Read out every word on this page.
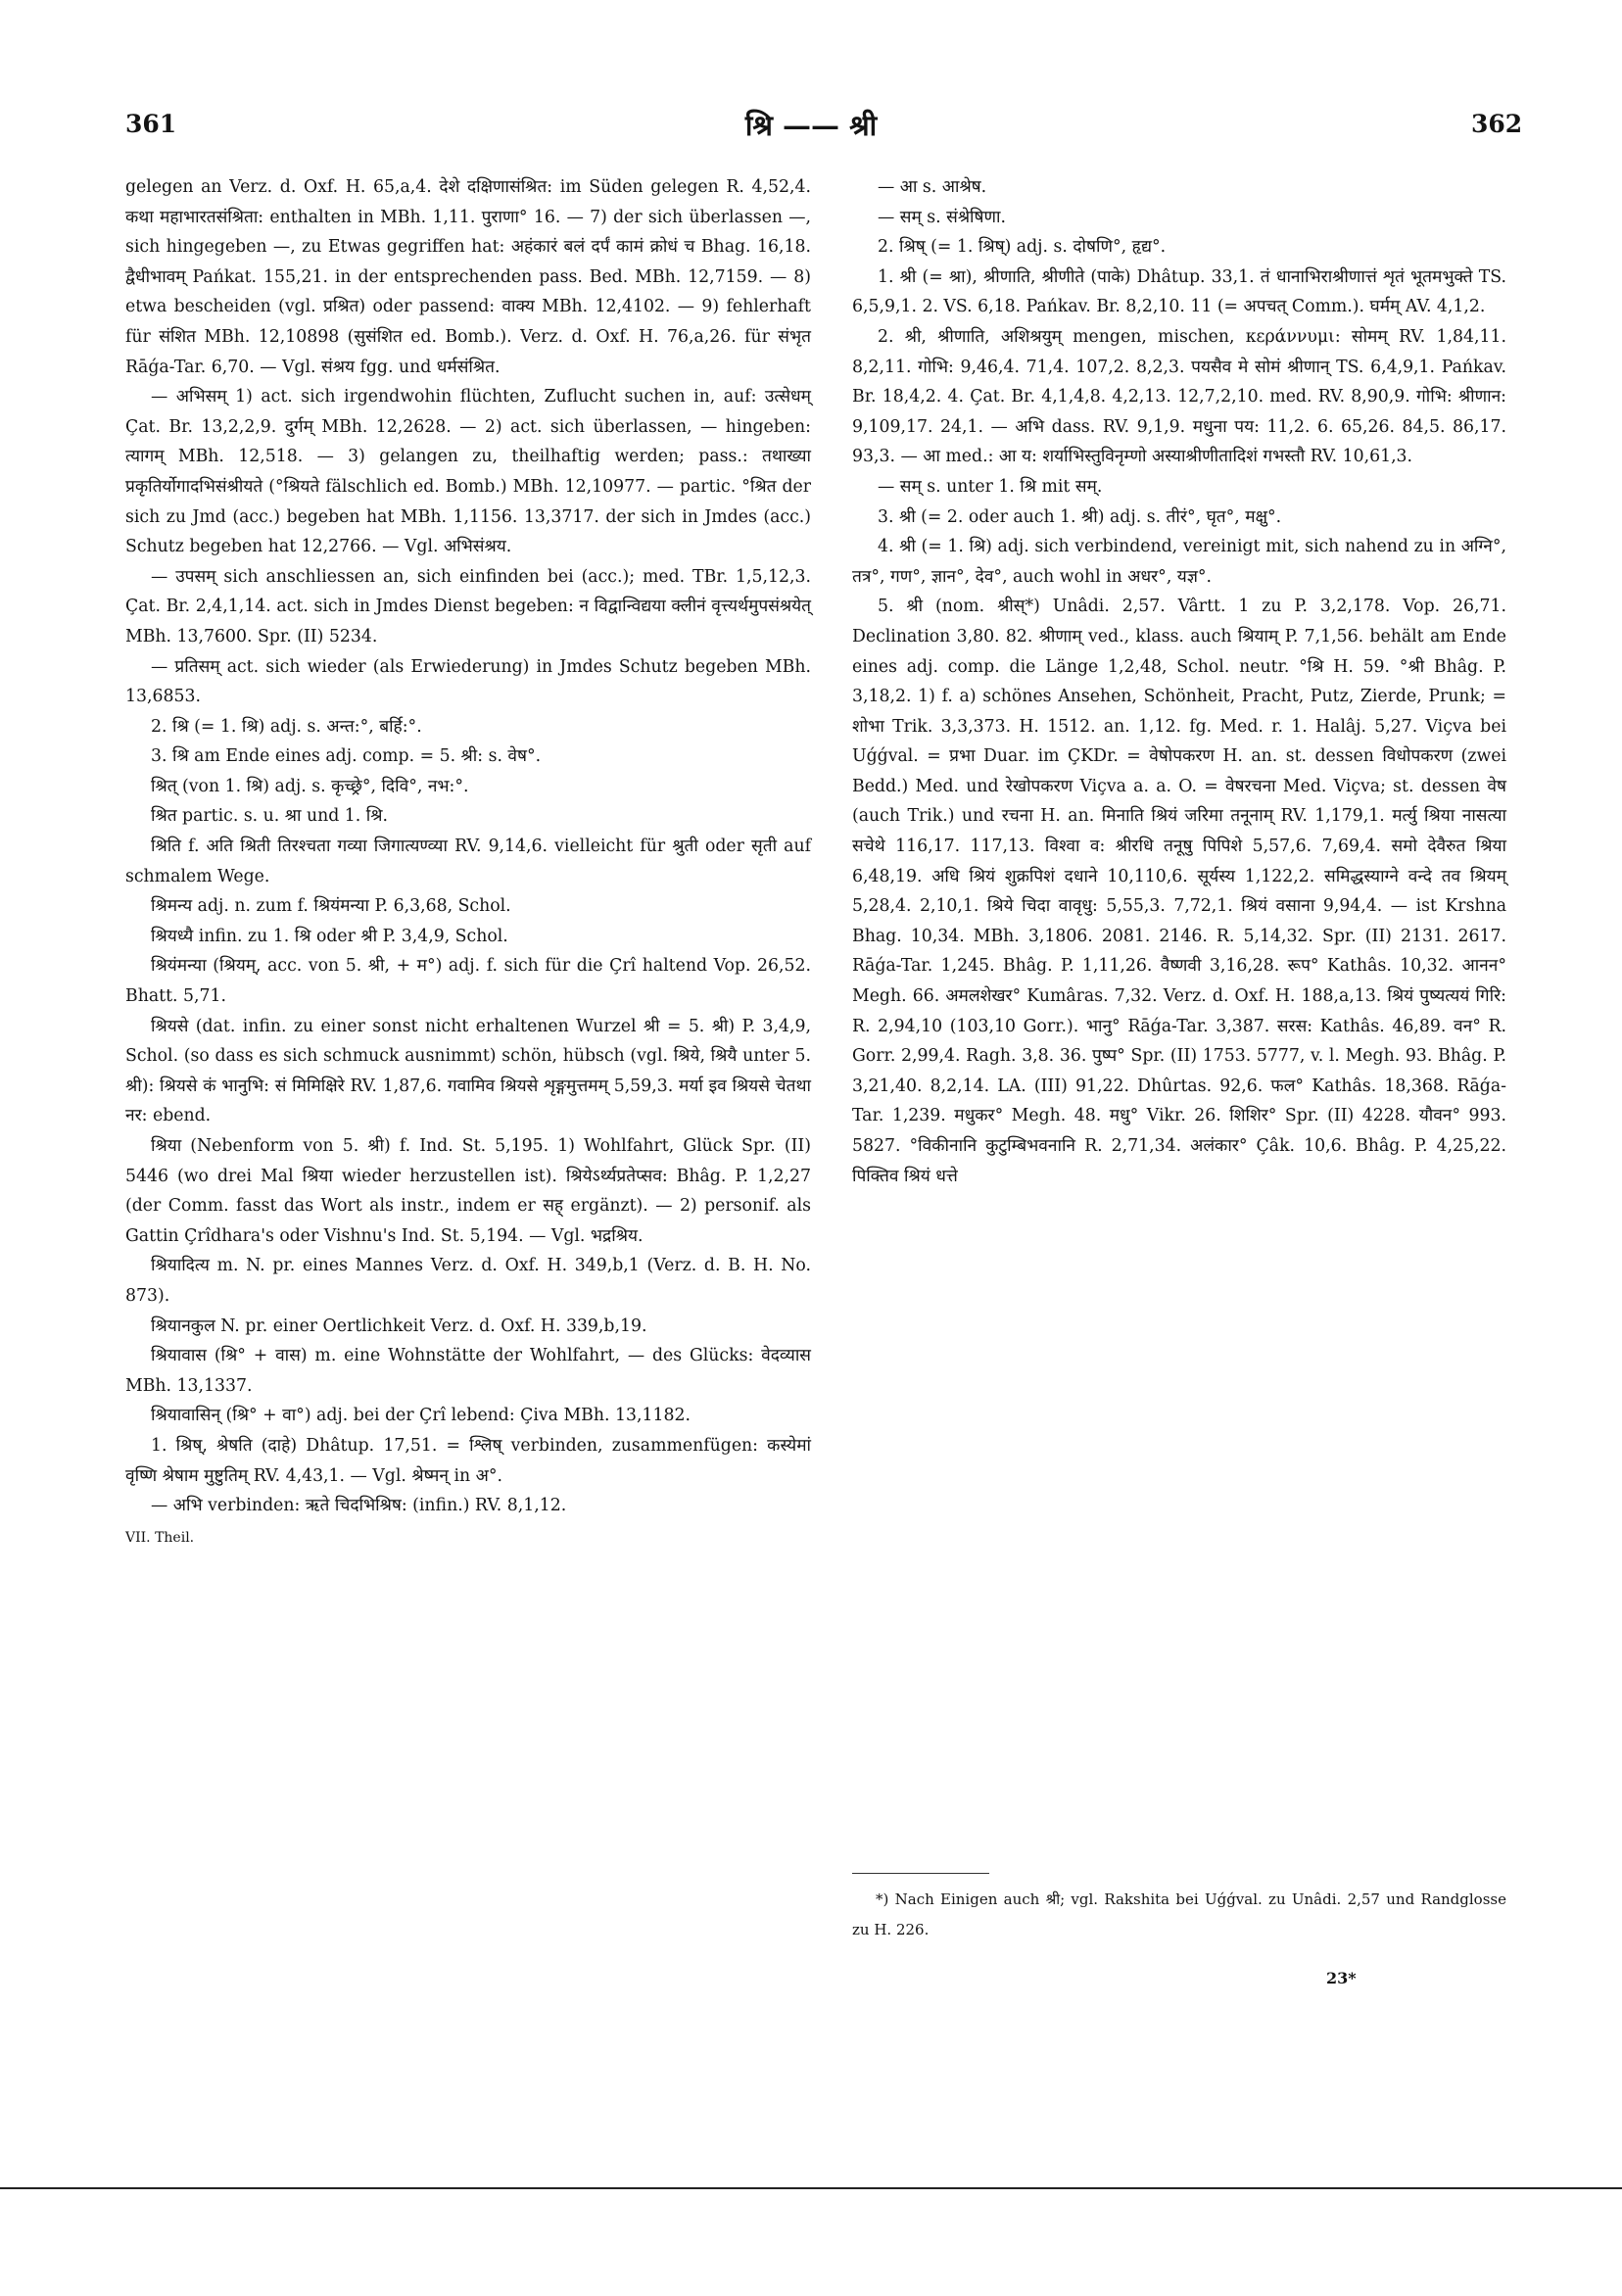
361	श्रि —— श्री	362

gelegen an Verz. d. Oxf. H. 65,a,4. देशे दक्षिणासंश्रित: im Süden gelegen R. 4,52,4. कथा महाभारतसंश्रिता: enthalten in MBh. 1,11. पुराणा° 16. — 7) der sich überlassen —, sich hingegeben —, zu Etwas gegriffen hat: अहंकारं बलं दर्पं कामं क्रोधं च Bhag. 16,18. द्वैधीभावम् Pańkat. 155,21. in der entsprechenden pass. Bed. MBh. 12,7159. — 8) etwa bescheiden (vgl. प्रश्रित) oder passend: वाक्य MBh. 12,4102. — 9) fehlerhaft für संशित MBh. 12,10898 (सुसंशित ed. Bomb.). Verz. d. Oxf. H. 76,a,26. für संभृत Rāǵa-Tar. 6,70. — Vgl. संश्रय fgg. und धर्मसंश्रित.

— अभिसम् 1) act. sich irgendwohin flüchten, Zuflucht suchen in, auf: उत्सेधम् Çat. Br. 13,2,2,9. दुर्गम् MBh. 12,2628. — 2) act. sich überlassen, — hingeben: त्यागम् MBh. 12,518. — 3) gelangen zu, theilhaftig werden; pass.: तथाख्या प्रकृतिर्योगादभिसंश्रीयते (°श्रियते fälschlich ed. Bomb.) MBh. 12,10977. — partic. °श्रित der sich zu Jmd (acc.) begeben hat MBh. 1,1156. 13,3717. der sich in Jmdes (acc.) Schutz begeben hat 12,2766. — Vgl. अभिसंश्रय.

— उपसम् sich anschliessen an, sich einfinden bei (acc.); med. TBr. 1,5,12,3. Çat. Br. 2,4,1,14. act. sich in Jmdes Dienst begeben: न विद्वान्विद्यया क्लीनं वृत्त्यर्थमुपसंश्रयेत् MBh. 13,7600. Spr. (II) 5234.

— प्रतिसम् act. sich wieder (als Erwiederung) in Jmdes Schutz begeben MBh. 13,6853.

2. श्रि (= 1. श्रि) adj. s. अन्त:°, बर्हि:°.

3. श्रि am Ende eines adj. comp. = 5. श्री: s. वेष°.

श्रित् (von 1. श्रि) adj. s. कृच्छ्रे°, दिवि°, नभ:°.

श्रित partic. s. u. श्रा und 1. श्रि.

श्रिति f. अति श्रिती तिरश्चता गव्या जिगात्यण्व्या RV. 9,14,6. vielleicht für श्रुती oder सृती auf schmalem Wege.

श्रिमन्य adj. n. zum f. श्रियंमन्या P. 6,3,68, Schol.

श्रियध्यै infin. zu 1. श्रि oder श्री P. 3,4,9, Schol.

श्रियंमन्या (श्रियम्, acc. von 5. श्री, + म°) adj. f. sich für die Çrî haltend Vop. 26,52. Bhatt. 5,71.

श्रियसे (dat. infin. zu einer sonst nicht erhaltenen Wurzel श्री = 5. श्री) P. 3,4,9, Schol. (so dass es sich schmuck ausnimmt) schön, hübsch (vgl. श्रिये, श्रियै unter 5. श्री): श्रियसे कं भानुभि: सं मिमिक्षिरे RV. 1,87,6. गवामिव श्रियसे शृङ्गमुत्तमम् 5,59,3. मर्या इव श्रियसे चेतथा नर: ebend.

श्रिया (Nebenform von 5. श्री) f. Ind. St. 5,195. 1) Wohlfahrt, Glück Spr. (II) 5446 (wo drei Mal श्रिया wieder herzustellen ist). श्रियेऽर्थ्यप्रतेप्सव: Bhâg. P. 1,2,27 (der Comm. fasst das Wort als instr., indem er सह् ergänzt). — 2) personif. als Gattin Çrîdhara's oder Vishnu's Ind. St. 5,194. — Vgl. भद्रश्रिय.

श्रियादित्य m. N. pr. eines Mannes Verz. d. Oxf. H. 349,b,1 (Verz. d. B. H. No. 873).

श्रियानकुल N. pr. einer Oertlichkeit Verz. d. Oxf. H. 339,b,19.

श्रियावास (श्रि° + वास) m. eine Wohnstätte der Wohlfahrt, — des Glücks: वेदव्यास MBh. 13,1337.

श्रियावासिन् (श्रि° + वा°) adj. bei der Çrî lebend: Çiva MBh. 13,1182.

1. श्रिष्, श्रेषति (दाहे) Dhâtup. 17,51. = श्लिष् verbinden, zusammenfügen: कस्येमां वृष्णि श्रेषाम मुष्टुतिम् RV. 4,43,1. — Vgl. श्रेष्मन् in अ°.

— अभि verbinden: ऋते चिदभिश्रिष: (infin.) RV. 8,1,12.

VII. Theil.

— आ s. आश्रेष.

— सम् s. संश्रेषिणा.

2. श्रिष् (= 1. श्रिष्) adj. s. दोषणि°, हृद्य°.

1. श्री (= श्रा), श्रीणाति, श्रीणीते (पाके) Dhâtup. 33,1. तं धानाभिराश्रीणात्तं शृतं भूतमभुक्ते TS. 6,5,9,1. 2. VS. 6,18. Pańkav. Br. 8,2,10. 11 (= अपचत् Comm.). घर्मम् AV. 4,1,2.

2. श्री, श्रीणाति, अशिश्रयुम् mengen, mischen, κεράννυμι: सोमम् RV. 1,84,11. 8,2,11. गोभि: 9,46,4. 71,4. 107,2. 8,2,3. पयसैव मे सोमं श्रीणान् TS. 6,4,9,1. Pańkav. Br. 18,4,2. 4. Çat. Br. 4,1,4,8. 4,2,13. 12,7,2,10. med. RV. 8,90,9. गोभि: श्रीणान: 9,109,17. 24,1. — अभि dass. RV. 9,1,9. मधुना पय: 11,2. 6. 65,26. 84,5. 86,17. 93,3. — आ med.: आ य: शर्याभिस्तुविनृम्णो अस्याश्रीणीतादिशं गभस्तौ RV. 10,61,3.

— सम् s. unter 1. श्रि mit सम्.

3. श्री (= 2. oder auch 1. श्री) adj. s. तीरं°, घृत°, मक्षु°.

4. श्री (= 1. श्रि) adj. sich verbindend, vereinigt mit, sich nahend zu in अग्नि°, तत्र°, गण°, ज्ञान°, देव°, auch wohl in अधर°, यज्ञ°.

5. श्री (nom. श्रीस्*) Unâdi. 2,57. Vârtt. 1 zu P. 3,2,178. Vop. 26,71. Declination 3,80. 82. श्रीणाम् ved., klass. auch श्रियाम् P. 7,1,56. behält am Ende eines adj. comp. die Länge 1,2,48, Schol. neutr. °श्रि H. 59. °श्री Bhâg. P. 3,18,2. 1) f. a) schönes Ansehen, Schönheit, Pracht, Putz, Zierde, Prunk; = शोभा Trik. 3,3,373. H. 1512. an. 1,12. fg. Med. r. 1. Halâj. 5,27. Viçva bei Uǵǵval. = प्रभा Duar. im ÇKDr. = वेषोपकरण H. an. st. dessen विधोपकरण (zwei Bedd.) Med. und रेखोपकरण Viçva a. a. O. = वेषरचना Med. Viçva; st. dessen वेष (auch Trik.) und रचना H. an. मिनाति श्रियं जरिमा तनूनाम् RV. 1,179,1. मर्त्यु श्रिया नासत्या सचेथे 116,17. 117,13. विश्वा व: श्रीरधि तनूषु पिपिशे 5,57,6. 7,69,4. समो देवैरुत श्रिया 6,48,19. अधि श्रियं शुक्रपिशं दधाने 10,110,6. सूर्यस्य 1,122,2. समिद्धस्याग्ने वन्दे तव श्रियम् 5,28,4. 2,10,1. श्रिये चिदा वावृधु: 5,55,3. 7,72,1. श्रियं वसाना 9,94,4. — ist Krshna Bhag. 10,34. MBh. 3,1806. 2081. 2146. R. 5,14,32. Spr. (II) 2131. 2617. Rāǵa-Tar. 1,245. Bhâg. P. 1,11,26. वैष्णवी 3,16,28. रूप° Kathâs. 10,32. आनन° Megh. 66. अमलशेखर° Kumâras. 7,32. Verz. d. Oxf. H. 188,a,13. श्रियं पुष्यत्ययं गिरि: R. 2,94,10 (103,10 Gorr.). भानु° Rāǵa-Tar. 3,387. सरस: Kathâs. 46,89. वन° R. Gorr. 2,99,4. Ragh. 3,8. 36. पुष्प° Spr. (II) 1753. 5777, v. l. Megh. 93. Bhâg. P. 3,21,40. 8,2,14. LA. (III) 91,22. Dhûrtas. 92,6. फल° Kathâs. 18,368. Rāǵa-Tar. 1,239. मधुकर° Megh. 48. मधु° Vikr. 26. शिशिर° Spr. (II) 4228. यौवन° 993. 5827. °विकीनानि कुटुम्बिभवनानि R. 2,71,34. अलंकार° Çâk. 10,6. Bhâg. P. 4,25,22. पिक्तिव श्रियं धत्ते

*) Nach Einigen auch श्री; vgl. Rakshita bei Uǵǵval. zu Unâdi. 2,57 und Randglosse zu H. 226.
23*
